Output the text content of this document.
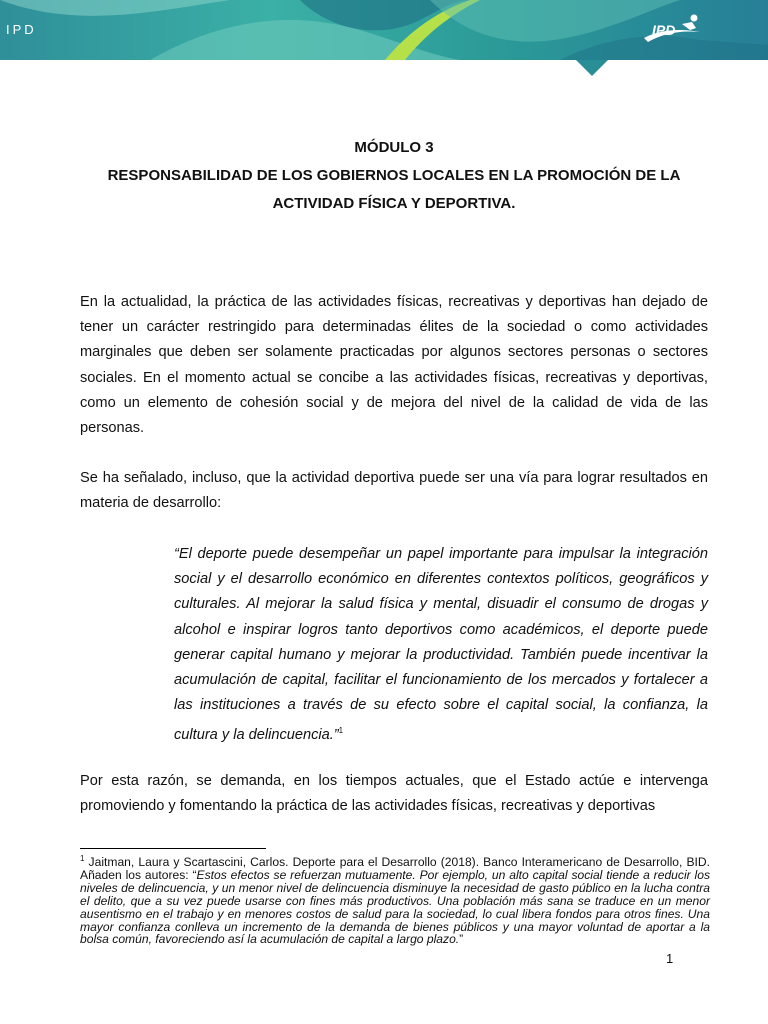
IPD	IPD
MÓDULO 3
RESPONSABILIDAD DE LOS GOBIERNOS LOCALES EN LA PROMOCIÓN DE LA
ACTIVIDAD FÍSICA Y DEPORTIVA.
En la actualidad, la práctica de las actividades físicas, recreativas y deportivas han dejado de tener un carácter restringido para determinadas élites de la sociedad o como actividades marginales que deben ser solamente practicadas por algunos sectores personas o sectores sociales. En el momento actual se concibe a las actividades físicas, recreativas y deportivas, como un elemento de cohesión social y de mejora del nivel de la calidad de vida de las personas.
Se ha señalado, incluso, que la actividad deportiva puede ser una vía para lograr resultados en materia de desarrollo:
“El deporte puede desempeñar un papel importante para impulsar la integración social y el desarrollo económico en diferentes contextos políticos, geográficos y culturales. Al mejorar la salud física y mental, disuadir el consumo de drogas y alcohol e inspirar logros tanto deportivos como académicos, el deporte puede generar capital humano y mejorar la productividad. También puede incentivar la acumulación de capital, facilitar el funcionamiento de los mercados y fortalecer a las instituciones a través de su efecto sobre el capital social, la confianza, la cultura y la delincuencia.”$^1$
Por esta razón, se demanda, en los tiempos actuales, que el Estado actúe e intervenga promoviendo y fomentando la práctica de las actividades físicas, recreativas y deportivas
$^1$ Jaitman, Laura y Scartascini, Carlos. Deporte para el Desarrollo (2018). Banco Interamericano de Desarrollo, BID. Añaden los autores: “Estos efectos se refuerzan mutuamente. Por ejemplo, un alto capital social tiende a reducir los niveles de delincuencia, y un menor nivel de delincuencia disminuye la necesidad de gasto público en la lucha contra el delito, que a su vez puede usarse con fines más productivos. Una población más sana se traduce en un menor ausentismo en el trabajo y en menores costos de salud para la sociedad, lo cual libera fondos para otros fines. Una mayor confianza conlleva un incremento de la demanda de bienes públicos y una mayor voluntad de aportar a la bolsa común, favoreciendo así la acumulación de capital a largo plazo.”
1
